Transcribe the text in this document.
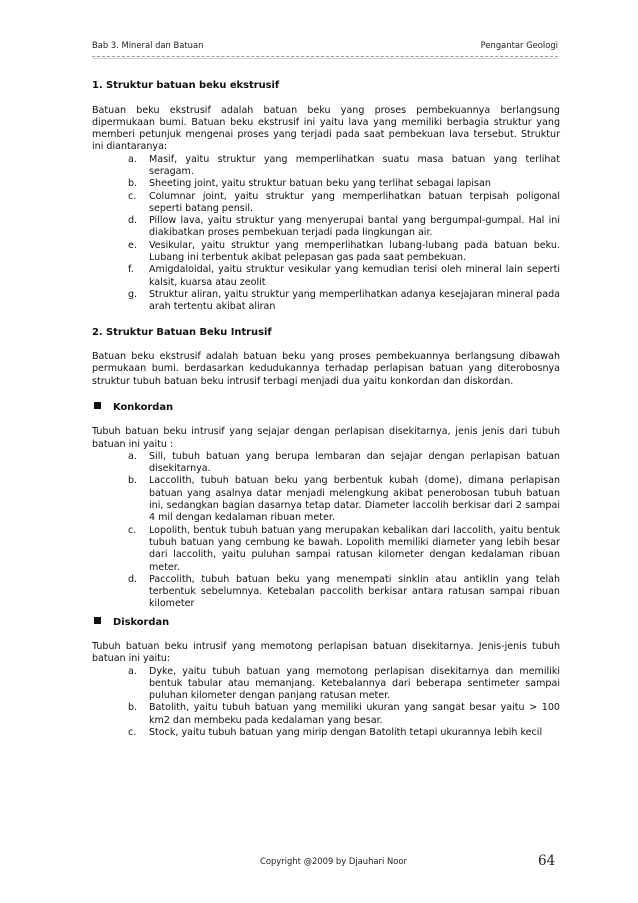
Bab 3. Mineral dan Batuan	Pengantar Geologi
1. Struktur batuan beku ekstrusif

Batuan beku ekstrusif adalah batuan beku yang proses pembekuannya berlangsung dipermukaan bumi. Batuan beku ekstrusif ini yaitu lava yang memiliki berbagia struktur yang memberi petunjuk mengenai proses yang terjadi pada saat pembekuan lava tersebut. Struktur ini diantaranya:

a. Masif, yaitu struktur yang memperlihatkan suatu masa batuan yang terlihat seragam.
b. Sheeting joint, yaitu struktur batuan beku yang terlihat sebagai lapisan
c. Columnar joint, yaitu struktur yang memperlihatkan batuan terpisah poligonal seperti batang pensil.
d. Pillow lava, yaitu struktur yang menyerupai bantal yang bergumpal-gumpal. Hal ini diakibatkan proses pembekuan terjadi pada lingkungan air.
e. Vesikular, yaitu struktur yang memperlihatkan lubang-lubang pada batuan beku. Lubang ini terbentuk akibat pelepasan gas pada saat pembekuan.
f. Amigdaloidal, yaitu struktur vesikular yang kemudian terisi oleh mineral lain seperti kalsit, kuarsa atau zeolit
g. Struktur aliran, yaitu struktur yang memperlihatkan adanya kesejajaran mineral pada arah tertentu akibat aliran
2. Struktur Batuan Beku Intrusif

Batuan beku ekstrusif adalah batuan beku yang proses pembekuannya berlangsung dibawah permukaan bumi. berdasarkan kedudukannya terhadap perlapisan batuan yang diterobosnya struktur tubuh batuan beku intrusif terbagi menjadi dua yaitu konkordan dan diskordan.

Konkordan

Tubuh batuan beku intrusif yang sejajar dengan perlapisan disekitarnya, jenis jenis dari tubuh batuan ini yaitu :

a. Sill, tubuh batuan yang berupa lembaran dan sejajar dengan perlapisan batuan disekitarnya.
b. Laccolith, tubuh batuan beku yang berbentuk kubah (dome), dimana perlapisan batuan yang asalnya datar menjadi melengkung akibat penerobosan tubuh batuan ini, sedangkan bagian dasarnya tetap datar. Diameter laccolih berkisar dari 2 sampai 4 mil dengan kedalaman ribuan meter.
c. Lopolith, bentuk tubuh batuan yang merupakan kebalikan dari laccolith, yaitu bentuk tubuh batuan yang cembung ke bawah. Lopolith memiliki diameter yang lebih besar dari laccolith, yaitu puluhan sampai ratusan kilometer dengan kedalaman ribuan meter.
d. Paccolith, tubuh batuan beku yang menempati sinklin atau antiklin yang telah terbentuk sebelumnya. Ketebalan paccolith berkisar antara ratusan sampai ribuan kilometer
Diskordan

Tubuh batuan beku intrusif yang memotong perlapisan batuan disekitarnya. Jenis-jenis tubuh batuan ini yaitu:

a. Dyke, yaitu tubuh batuan yang memotong perlapisan disekitarnya dan memiliki bentuk tabular atau memanjang. Ketebalannya dari beberapa sentimeter sampai puluhan kilometer dengan panjang ratusan meter.
b. Batolith, yaitu tubuh batuan yang memiliki ukuran yang sangat besar yaitu > 100 km2 dan membeku pada kedalaman yang besar.
c. Stock, yaitu tubuh batuan yang mirip dengan Batolith tetapi ukurannya lebih kecil
Copyright @2009 by Djauhari Noor	64
